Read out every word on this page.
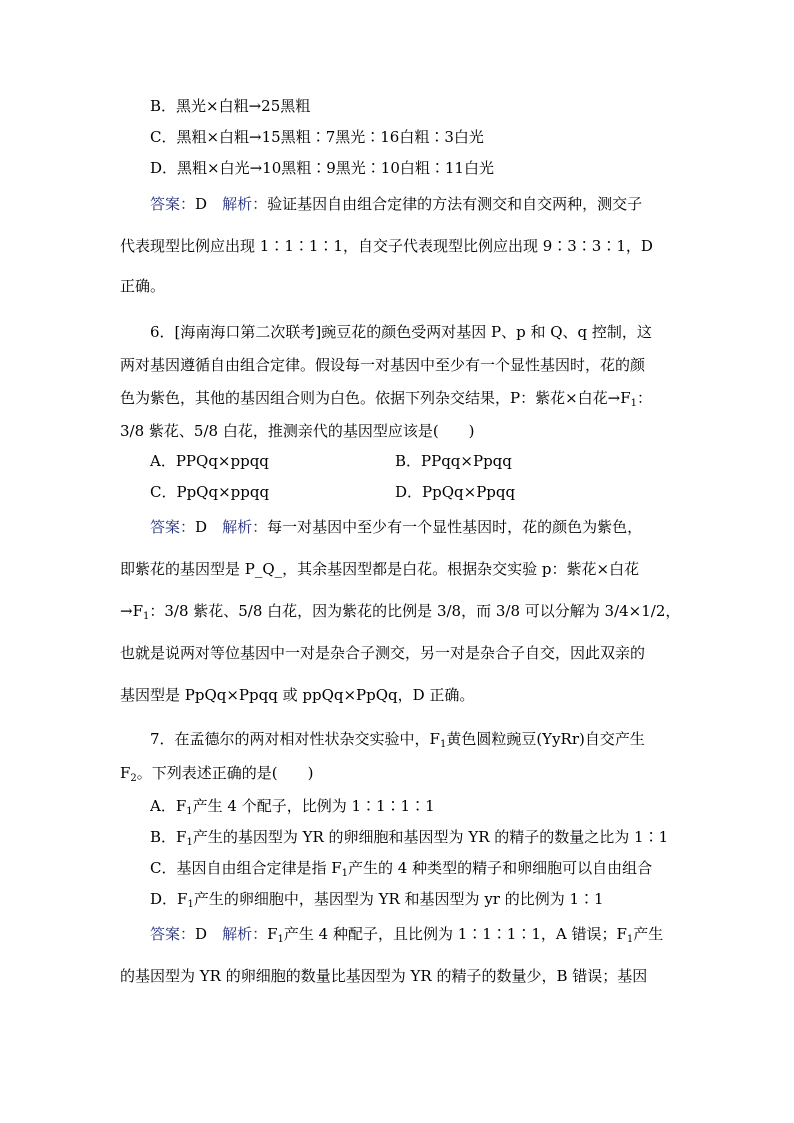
B．黑光×白粗→25黑粗
C．黑粗×白粗→15黑粗∶7黑光∶16白粗∶3白光
D．黑粗×白光→10黑粗∶9黑光∶10白粗∶11白光
答案：D　 解析：验证基因自由组合定律的方法有测交和自交两种，测交子
代表现型比例应出现 1∶1∶1∶1，自交子代表现型比例应出现 9∶3∶3∶1，D
正确。
6．[海南海口第二次联考]豌豆花的颜色受两对基因 P、p 和 Q、q 控制，这
两对基因遵循自由组合定律。假设每一对基因中至少有一个显性基因时，花的颜
色为紫色，其他的基因组合则为白色。依据下列杂交结果，P：紫花×白花$\to F_1$：
3/8 紫花、5/8 白花，推测亲代的基因型应该是(　　)
A．PPQq×ppqq	B．PPqq×Ppqq
C．PpQq×ppqq	D．PpQq×Ppqq
答案：D　 解析：每一对基因中至少有一个显性基因时，花的颜色为紫色，
即紫花的基因型是 P_Q_，其余基因型都是白花。根据杂交实验 p：紫花×白花
$\to F_1$：3/8 紫花、5/8 白花，因为紫花的比例是 3/8，而 3/8 可以分解为 3/4×1/2，
也就是说两对等位基因中一对是杂合子测交，另一对是杂合子自交，因此双亲的
基因型是 PpQq×Ppqq 或 ppQq×PpQq，D 正确。
7．在孟德尔的两对相对性状杂交实验中，$F_1$黄色圆粒豌豆(YyRr)自交产生
$F_2$。下列表述正确的是(　　)
A．$F_1$产生 4 个配子，比例为 1∶1∶1∶1
B．$F_1$产生的基因型为 YR 的卵细胞和基因型为 YR 的精子的数量之比为 1∶1
C．基因自由组合定律是指 $F_1$产生的 4 种类型的精子和卵细胞可以自由组合
D．$F_1$产生的卵细胞中，基因型为 YR 和基因型为 yr 的比例为 1∶1
答案：D　 解析：$F_1$产生 4 种配子，且比例为 1∶1∶1∶1，A 错误；$F_1$产生
的基因型为 YR 的卵细胞的数量比基因型为 YR 的精子的数量少，B 错误；基因
